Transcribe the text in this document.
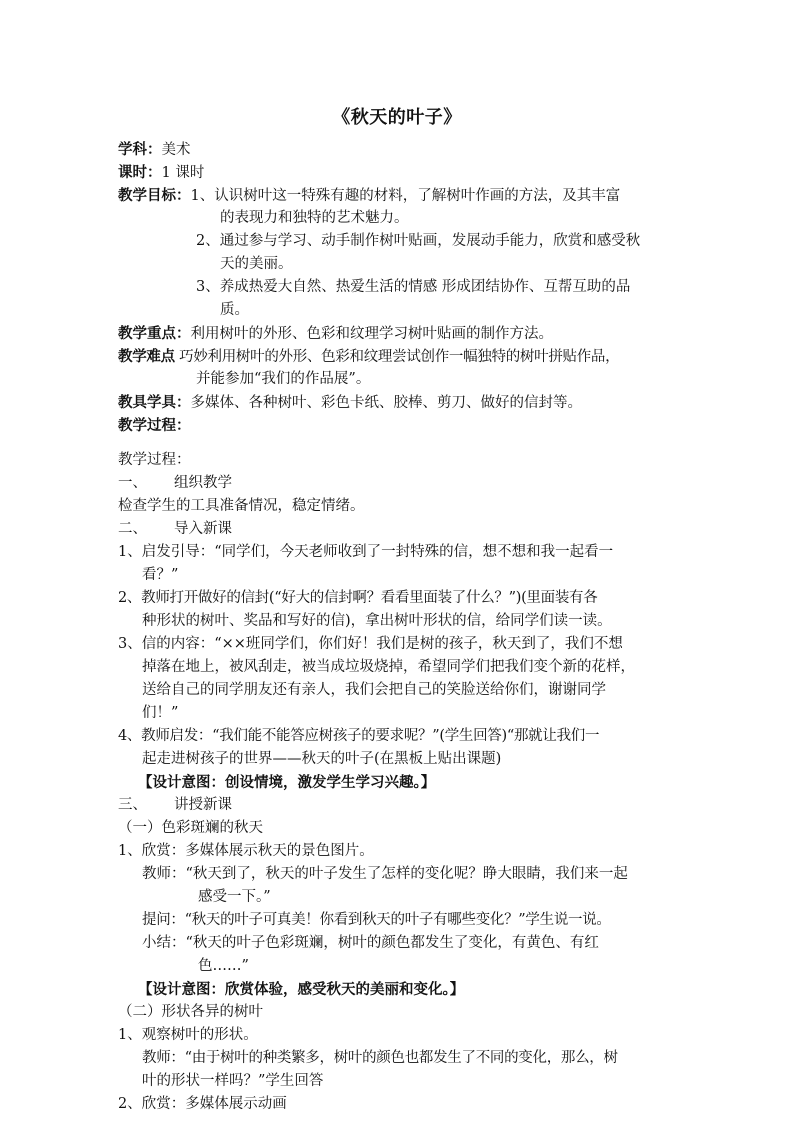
《秋天的叶子》
学科：美术
课时：1 课时
教学目标：1、认识树叶这一特殊有趣的材料，了解树叶作画的方法，及其丰富
的表现力和独特的艺术魅力。
2、通过参与学习、动手制作树叶贴画，发展动手能力，欣赏和感受秋
天的美丽。
3、养成热爱大自然、热爱生活的情感 形成团结协作、互帮互助的品
质。
教学重点：利用树叶的外形、色彩和纹理学习树叶贴画的制作方法。
教学难点 巧妙利用树叶的外形、色彩和纹理尝试创作一幅独特的树叶拼贴作品，
并能参加“我们的作品展”。
教具学具：多媒体、各种树叶、彩色卡纸、胶棒、剪刀、做好的信封等。
教学过程：
教学过程：
一、 组织教学
检查学生的工具准备情况，稳定情绪。
二、 导入新课
1、启发引导：“同学们，今天老师收到了一封特殊的信，想不想和我一起看一
看？”
2、教师打开做好的信封(“好大的信封啊？看看里面装了什么？”)(里面装有各
种形状的树叶、奖品和写好的信)，拿出树叶形状的信，给同学们读一读。
3、信的内容：“××班同学们，你们好！我们是树的孩子，秋天到了，我们不想
掉落在地上，被风刮走，被当成垃圾烧掉，希望同学们把我们变个新的花样，
送给自己的同学朋友还有亲人，我们会把自己的笑脸送给你们，谢谢同学
们！”
4、教师启发：“我们能不能答应树孩子的要求呢？”(学生回答)“那就让我们一
起走进树孩子的世界——秋天的叶子(在黑板上贴出课题)
【设计意图：创设情境，激发学生学习兴趣。】
三、 讲授新课
（一）色彩斑斓的秋天
1、欣赏：多媒体展示秋天的景色图片。
教师：“秋天到了，秋天的叶子发生了怎样的变化呢？睁大眼睛，我们来一起
感受一下。”
提问：“秋天的叶子可真美！你看到秋天的叶子有哪些变化？”学生说一说。
小结：“秋天的叶子色彩斑斓，树叶的颜色都发生了变化，有黄色、有红
色……”
【设计意图：欣赏体验，感受秋天的美丽和变化。】
（二）形状各异的树叶
1、观察树叶的形状。
教师：“由于树叶的种类繁多，树叶的颜色也都发生了不同的变化，那么，树
叶的形状一样吗？”学生回答
2、欣赏：多媒体展示动画
